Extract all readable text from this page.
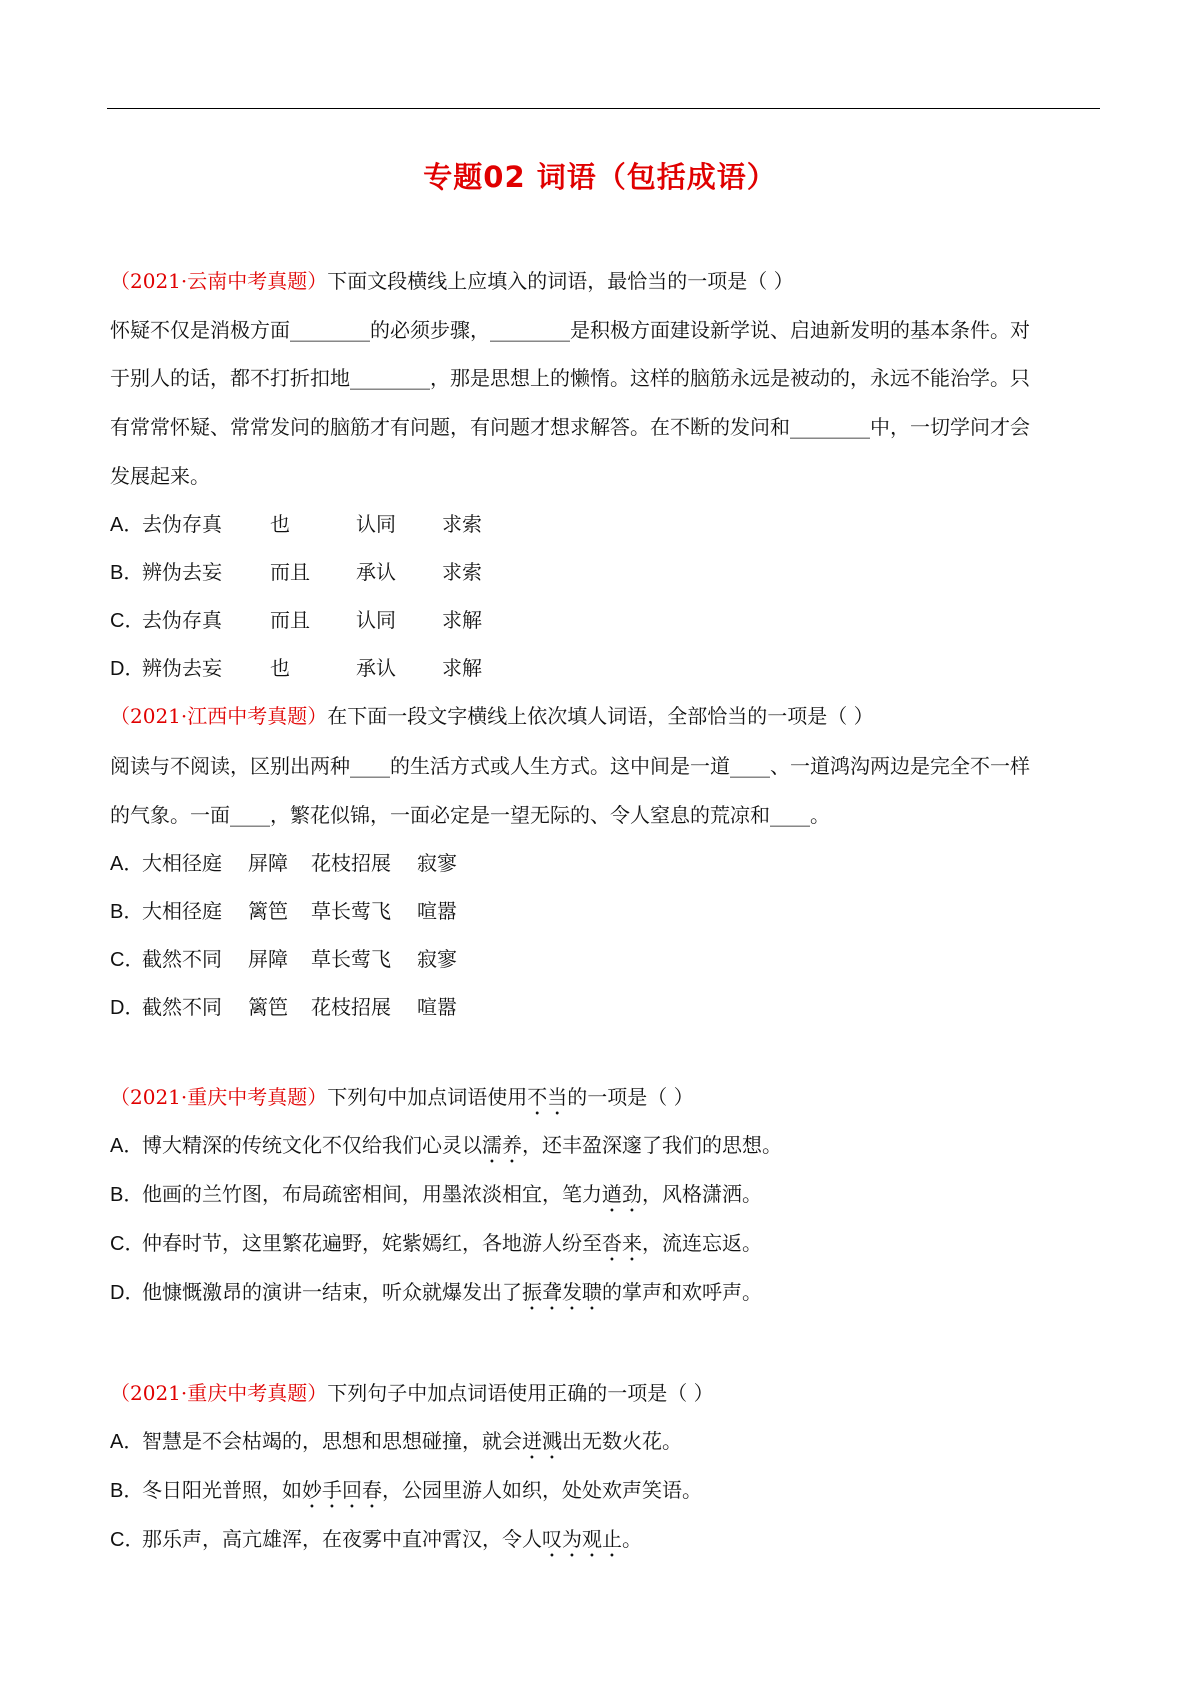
专题02 词语（包括成语）
（2021·云南中考真题）下面文段横线上应填入的词语，最恰当的一项是（ ）
怀疑不仅是消极方面________的必须步骤，________是积极方面建设新学说、启迪新发明的基本条件。对
于别人的话，都不打折扣地________，那是思想上的懒惰。这样的脑筋永远是被动的，永远不能治学。只
有常常怀疑、常常发问的脑筋才有问题，有问题才想求解答。在不断的发问和________中，一切学问才会
发展起来。
A．去伪存真 也	认同 求索
B．辨伪去妄 而且 承认 求索
C．去伪存真 而且 认同 求解
D．辨伪去妄 也	承认 求解
（2021·江西中考真题）在下面一段文字横线上依次填人词语，全部恰当的一项是（ ）
阅读与不阅读，区别出两种____的生活方式或人生方式。这中间是一道____、一道鸿沟两边是完全不一样
的气象。一面____，繁花似锦，一面必定是一望无际的、令人窒息的荒凉和____。
A．大相径庭 屏障 花枝招展 寂寥
B．大相径庭 篱笆 草长莺飞 喧嚣
C．截然不同 屏障 草长莺飞 寂寥
D．截然不同 篱笆 花枝招展 喧嚣
（2021·重庆中考真题）下列句中加点词语使用不当的一项是（ ）
A．博大精深的传统文化不仅给我们心灵以濡养，还丰盈深邃了我们的思想。
B．他画的兰竹图，布局疏密相间，用墨浓淡相宜，笔力遒劲，风格潇洒。
C．仲春时节，这里繁花遍野，姹紫嫣红，各地游人纷至沓来，流连忘返。
D．他慷慨激昂的演讲一结束，听众就爆发出了振聋发聩的掌声和欢呼声。
（2021·重庆中考真题）下列句子中加点词语使用正确的一项是（ ）
A．智慧是不会枯竭的，思想和思想碰撞，就会迸溅出无数火花。
B．冬日阳光普照，如妙手回春，公园里游人如织，处处欢声笑语。
C．那乐声，高亢雄浑，在夜雾中直冲霄汉，令人叹为观止。
